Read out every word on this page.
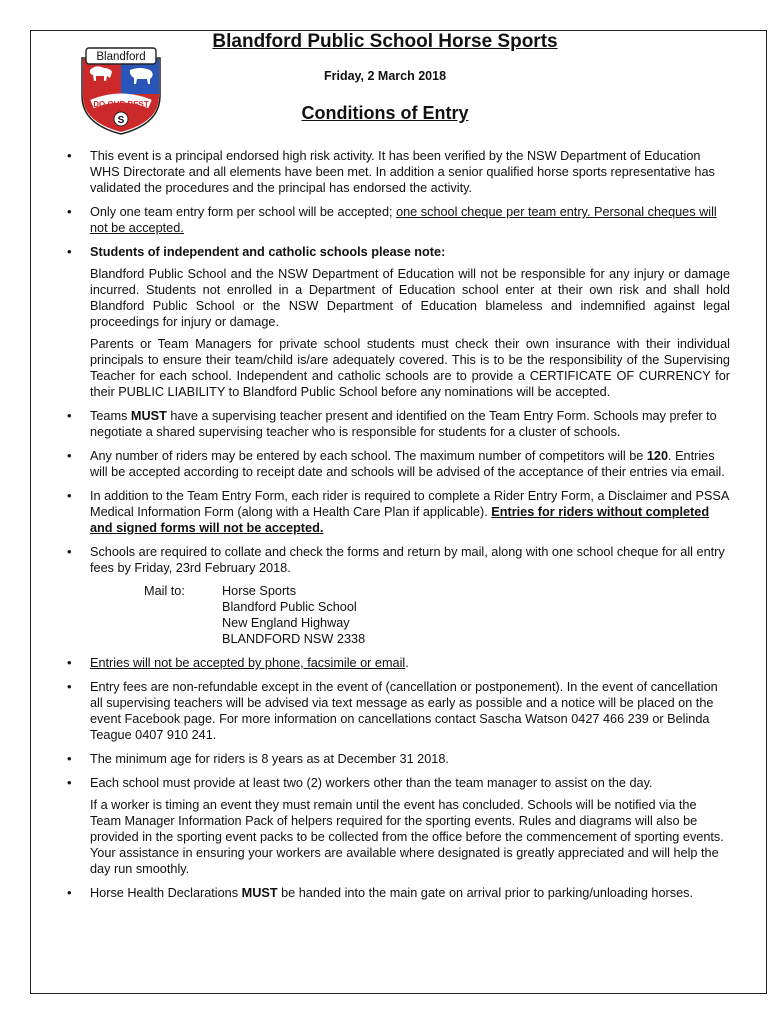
DO OUR BEST
S
Blandford
Blandford Public School Horse Sports
Friday, 2 March 2018
Conditions of Entry

• This event is a principal endorsed high risk activity. It has been verified by the NSW Department of Education WHS Directorate and all elements have been met. In addition a senior qualified horse sports representative has validated the procedures and the principal has endorsed the activity.

• Only one team entry form per school will be accepted; one school cheque per team entry. Personal cheques will not be accepted.

• Students of independent and catholic schools please note:

Blandford Public School and the NSW Department of Education will not be responsible for any injury or damage incurred. Students not enrolled in a Department of Education school enter at their own risk and shall hold Blandford Public School or the NSW Department of Education blameless and indemnified against legal proceedings for injury or damage.

Parents or Team Managers for private school students must check their own insurance with their individual principals to ensure their team/child is/are adequately covered. This is to be the responsibility of the Supervising Teacher for each school. Independent and catholic schools are to provide a CERTIFICATE OF CURRENCY for their PUBLIC LIABILITY to Blandford Public School before any nominations will be accepted.

• Teams MUST have a supervising teacher present and identified on the Team Entry Form. Schools may prefer to negotiate a shared supervising teacher who is responsible for students for a cluster of schools.

• Any number of riders may be entered by each school. The maximum number of competitors will be 120. Entries will be accepted according to receipt date and schools will be advised of the acceptance of their entries via email.

• In addition to the Team Entry Form, each rider is required to complete a Rider Entry Form, a Disclaimer and PSSA Medical Information Form (along with a Health Care Plan if applicable). Entries for riders without completed and signed forms will not be accepted.

• Schools are required to collate and check the forms and return by mail, along with one school cheque for all entry fees by Friday, 23rd February 2018.

Mail to:	Horse Sports
Blandford Public School
New England Highway
BLANDFORD NSW 2338

• Entries will not be accepted by phone, facsimile or email.

• Entry fees are non-refundable except in the event of (cancellation or postponement). In the event of cancellation all supervising teachers will be advised via text message as early as possible and a notice will be placed on the event Facebook page. For more information on cancellations contact Sascha Watson 0427 466 239 or Belinda Teague 0407 910 241.

• The minimum age for riders is 8 years as at December 31 2018.

• Each school must provide at least two (2) workers other than the team manager to assist on the day.

If a worker is timing an event they must remain until the event has concluded. Schools will be notified via the Team Manager Information Pack of helpers required for the sporting events. Rules and diagrams will also be provided in the sporting event packs to be collected from the office before the commencement of sporting events. Your assistance in ensuring your workers are available where designated is greatly appreciated and will help the day run smoothly.

• Horse Health Declarations MUST be handed into the main gate on arrival prior to parking/unloading horses.
